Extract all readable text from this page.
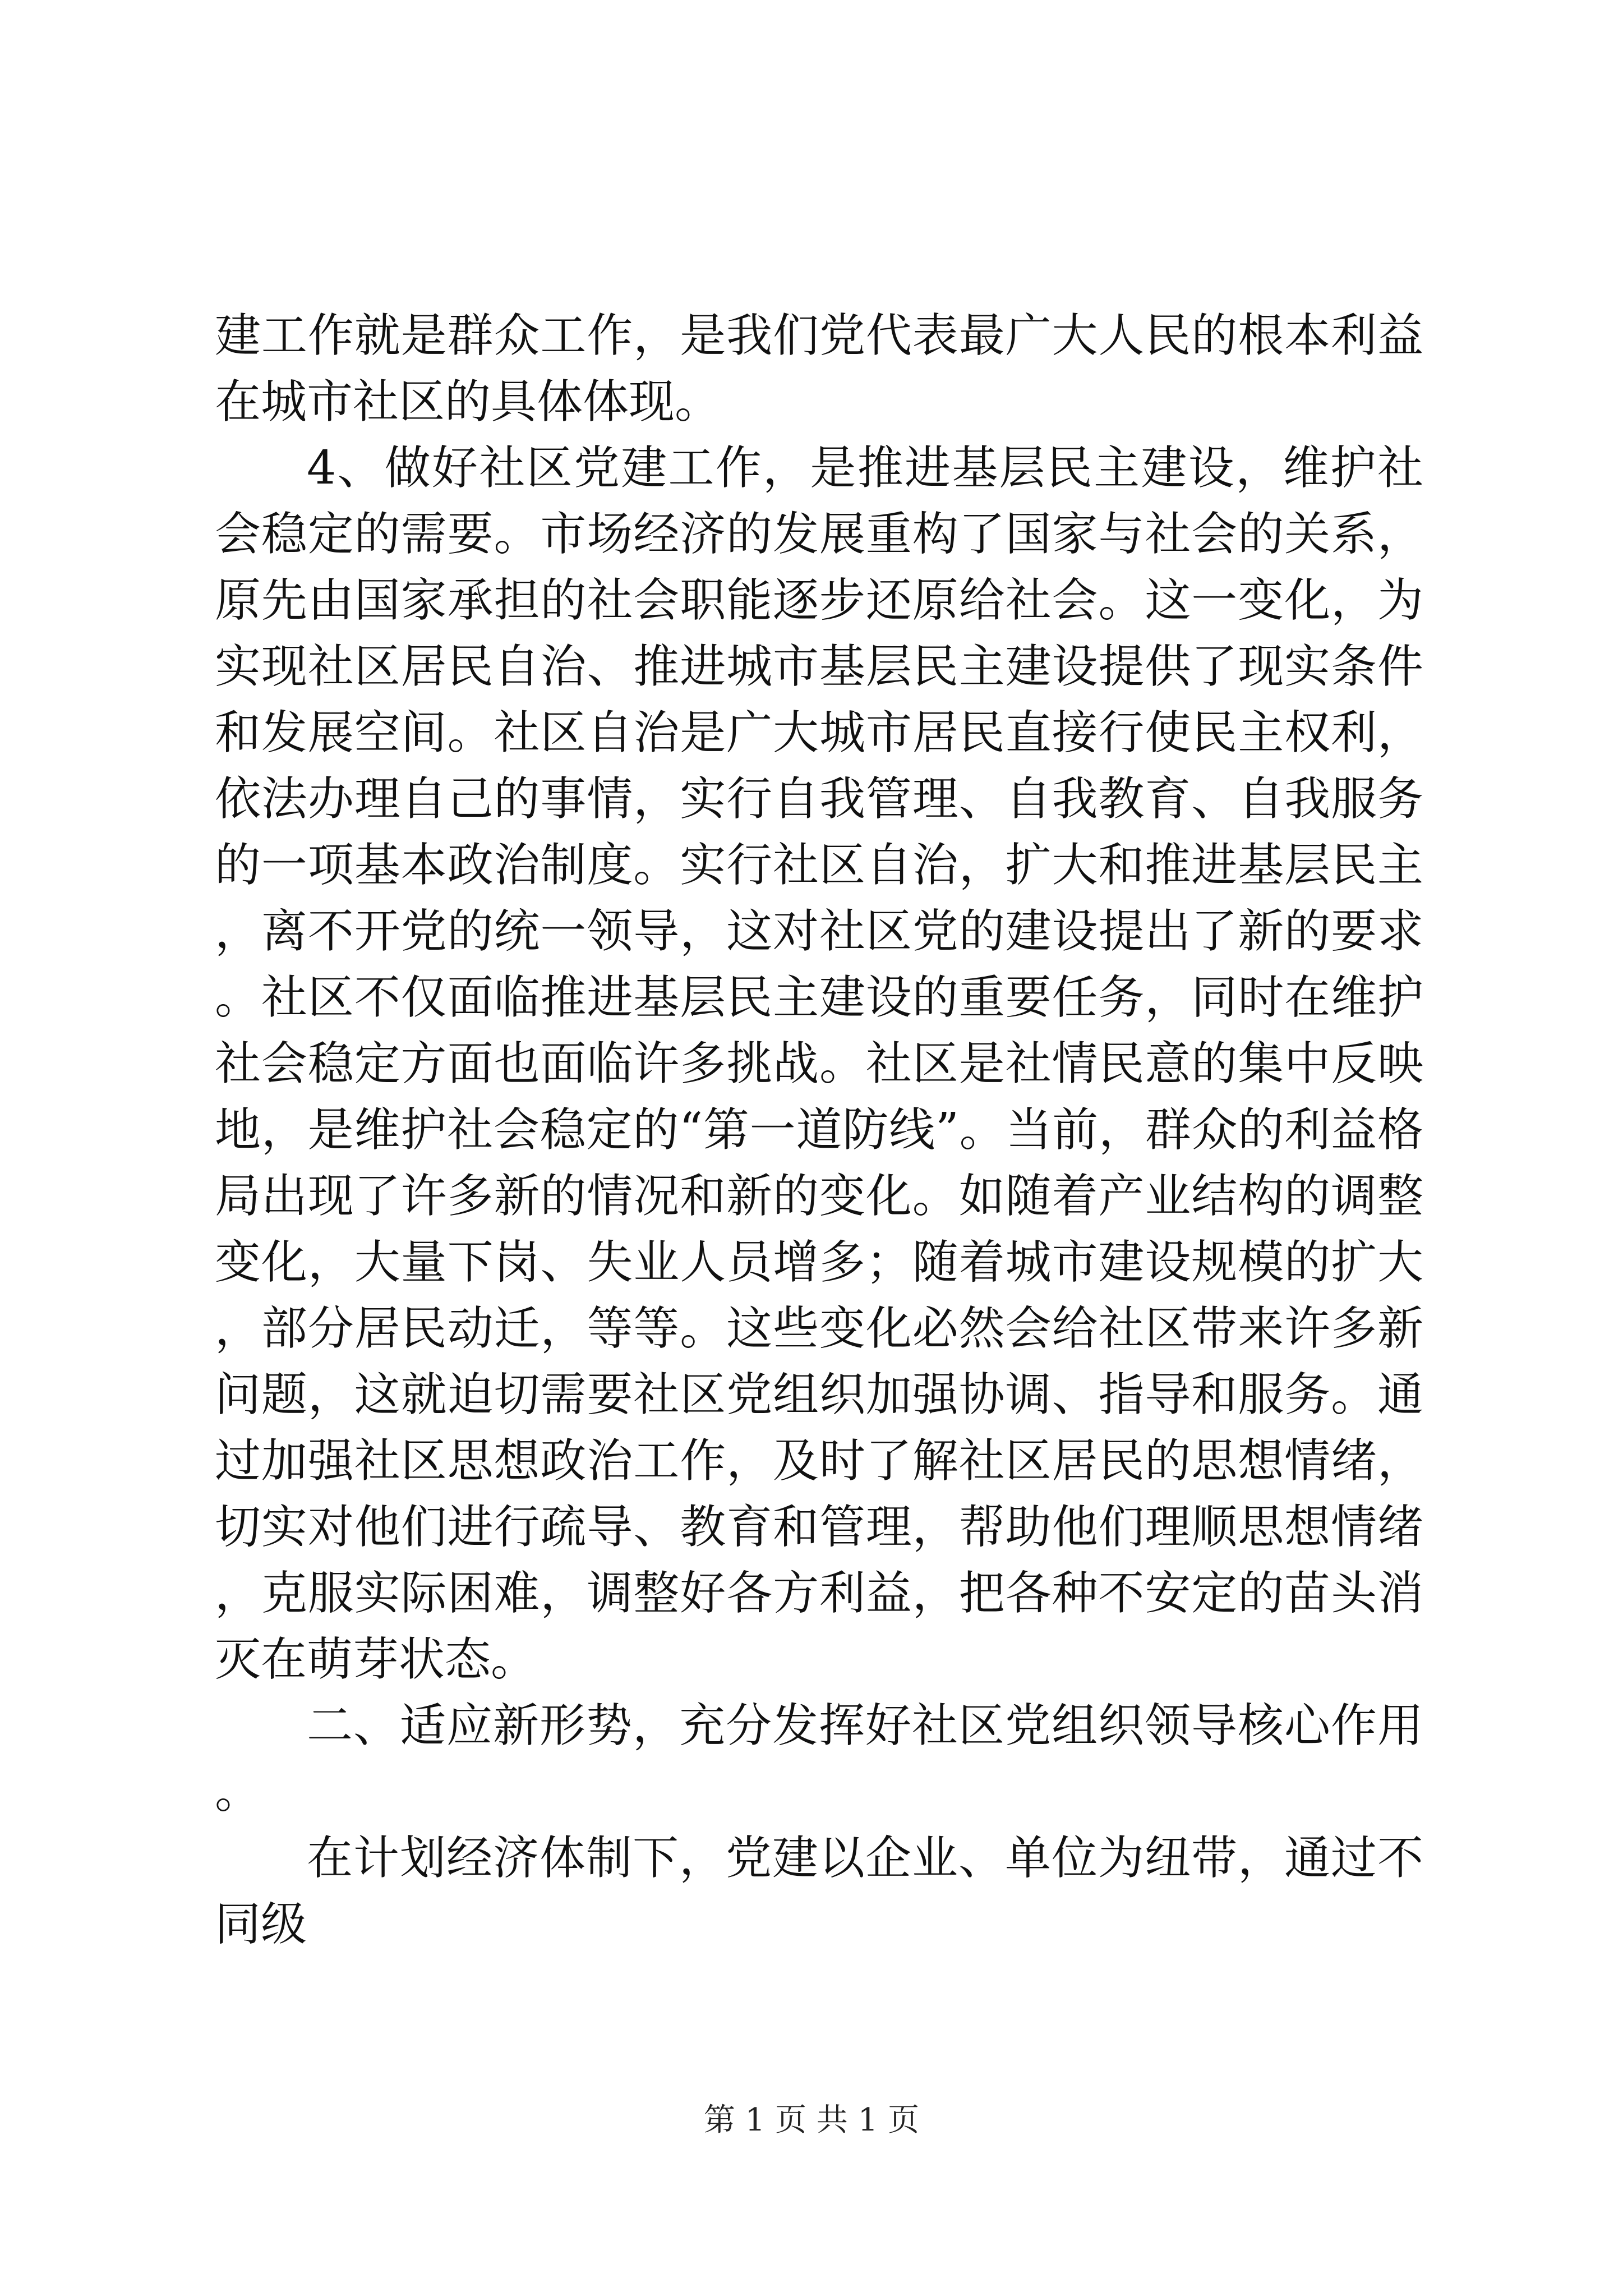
建工作就是群众工作，是我们党代表最广大人民的根本利益在城市社区的具体体现。

4、做好社区党建工作，是推进基层民主建设，维护社会稳定的需要。市场经济的发展重构了国家与社会的关系，原先由国家承担的社会职能逐步还原给社会。这一变化，为实现社区居民自治、推进城市基层民主建设提供了现实条件和发展空间。社区自治是广大城市居民直接行使民主权利，依法办理自己的事情，实行自我管理、自我教育、自我服务的一项基本政治制度。实行社区自治，扩大和推进基层民主，离不开党的统一领导，这对社区党的建设提出了新的要求。社区不仅面临推进基层民主建设的重要任务，同时在维护社会稳定方面也面临许多挑战。社区是社情民意的集中反映地，是维护社会稳定的“第一道防线”。当前，群众的利益格局出现了许多新的情况和新的变化。如随着产业结构的调整变化，大量下岗、失业人员增多；随着城市建设规模的扩大，部分居民动迁，等等。这些变化必然会给社区带来许多新问题，这就迫切需要社区党组织加强协调、指导和服务。通过加强社区思想政治工作，及时了解社区居民的思想情绪，切实对他们进行疏导、教育和管理，帮助他们理顺思想情绪，克服实际困难，调整好各方利益，把各种不安定的苗头消灭在萌芽状态。

二、适应新形势，充分发挥好社区党组织领导核心作用。

在计划经济体制下，党建以企业、单位为纽带，通过不同级

第 1 页 共 1 页
